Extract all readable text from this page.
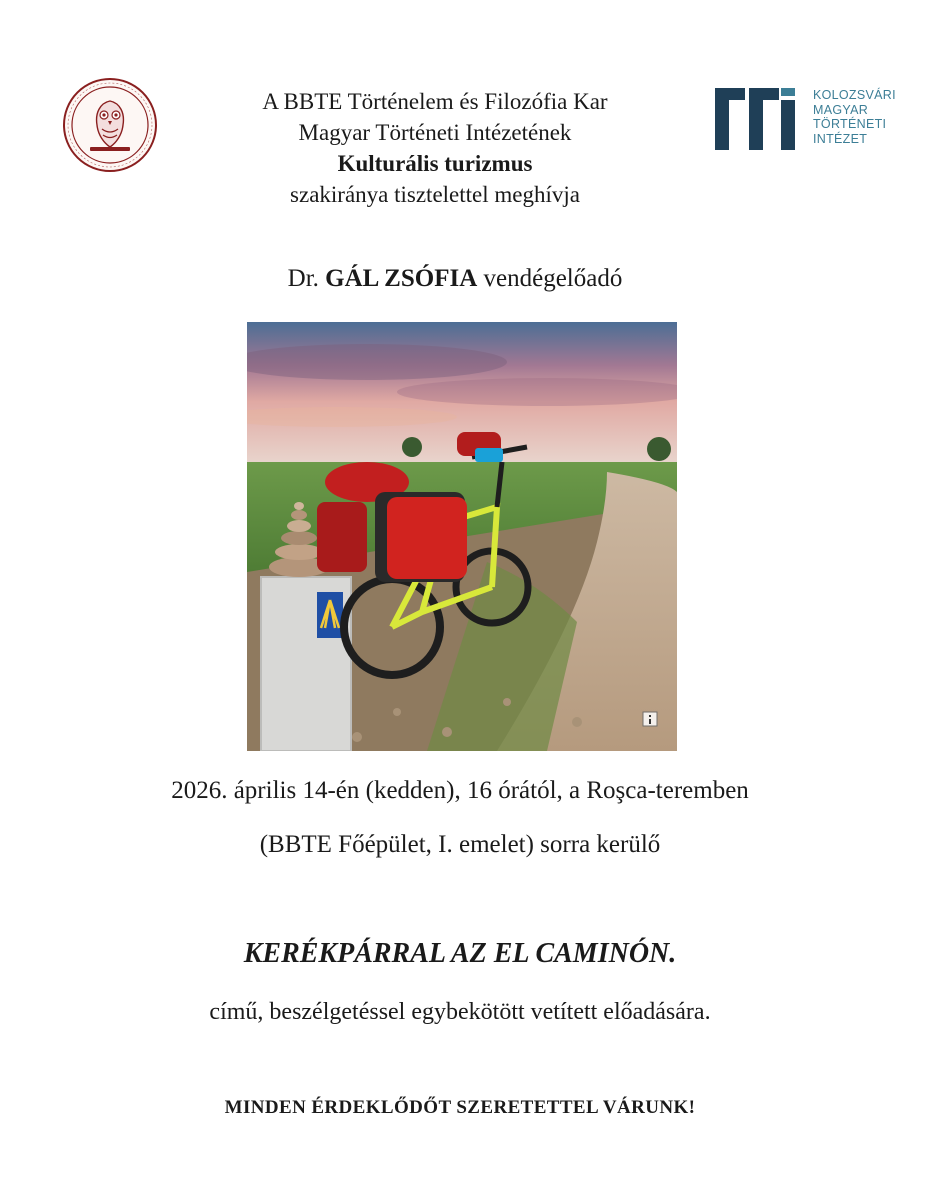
KOLOZSVÁRI
MAGYAR
TÖRTÉNETI
INTÉZET
A BBTE Történelem és Filozófia Kar
Magyar Történeti Intézetének
Kulturális turizmus
szakiránya tisztelettel meghívja
Dr. GÁL ZSÓFIA vendégelőadó
2026. április 14-én (kedden), 16 órától, a Roşca-teremben
(BBTE Főépület, I. emelet) sorra kerülő
KERÉKPÁRRAL AZ EL CAMINÓN.
című, beszélgetéssel egybekötött vetített előadására.
MINDEN ÉRDEKLŐDŐT SZERETETTEL VÁRUNK!
